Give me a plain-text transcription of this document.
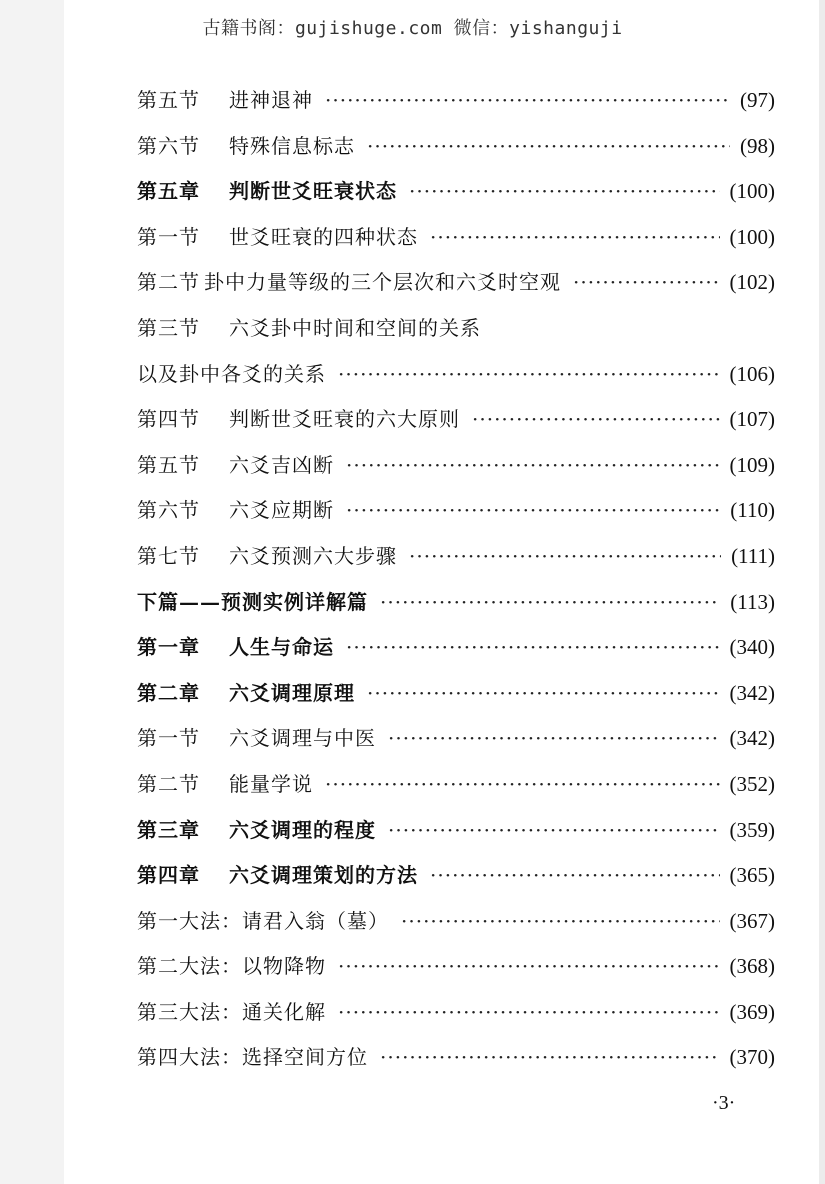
古籍书阁：gujishuge.com 微信：yishanguji
第五节	进神退神 ·····	(97)
第六节	特殊信息标志 ·····	(98)
第五章	判断世爻旺衰状态 ·····	(100)
第一节	世爻旺衰的四种状态 ·····	(100)
第二节 卦中力量等级的三个层次和六爻时空观 ·····	(102)
第三节	六爻卦中时间和空间的关系
以及卦中各爻的关系 ·····	(106)
第四节	判断世爻旺衰的六大原则 ·····	(107)
第五节	六爻吉凶断 ·····	(109)
第六节	六爻应期断 ·····	(110)
第七节	六爻预测六大步骤 ·····	(111)
下篇——预测实例详解篇 ·····	(113)
第一章	人生与命运 ·····	(340)
第二章	六爻调理原理 ·····	(342)
第一节	六爻调理与中医 ·····	(342)
第二节	能量学说 ·····	(352)
第三章	六爻调理的程度 ·····	(359)
第四章	六爻调理策划的方法 ·····	(365)
第一大法：请君入翁（墓） ·····	(367)
第二大法：以物降物 ·····	(368)
第三大法：通关化解 ·····	(369)
第四大法：选择空间方位 ·····	(370)
·3·
